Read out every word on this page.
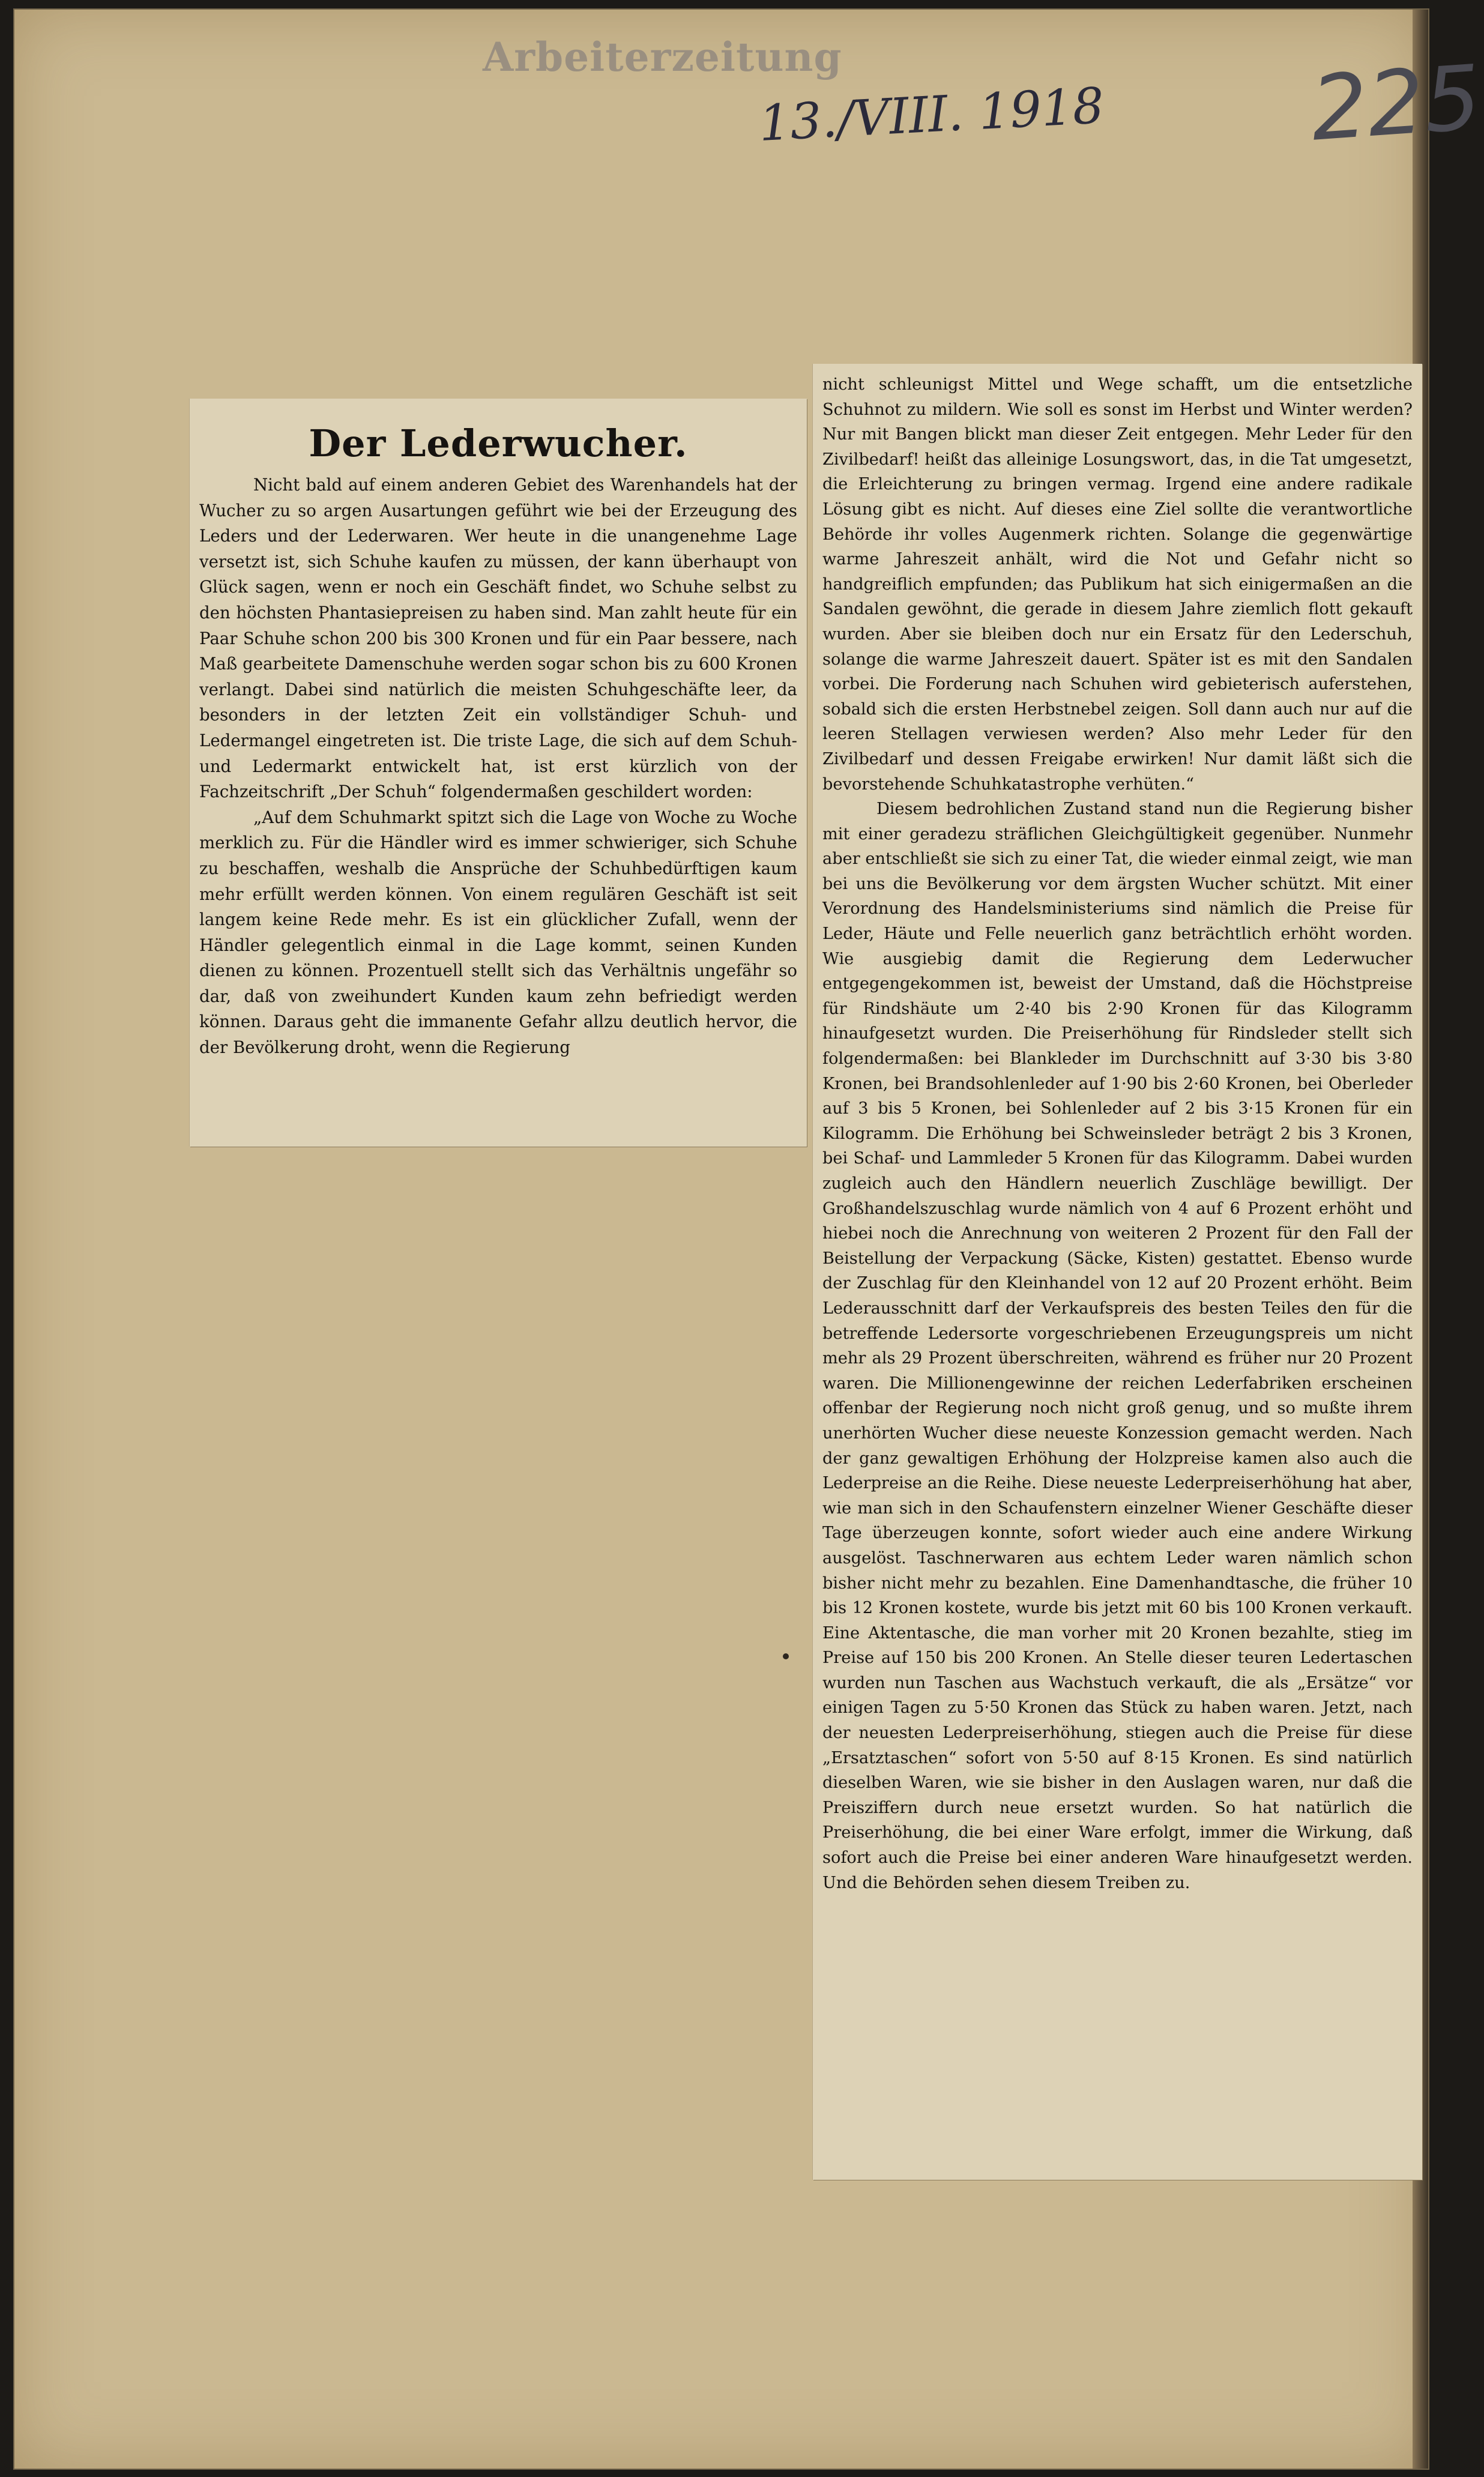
Arbeiterzeitung
13./VIII. 1918 225
Der Lederwucher.

Nicht bald auf einem anderen Gebiet des Warenhandels hat der Wucher zu so argen Ausartungen geführt wie bei der Erzeugung des Leders und der Lederwaren. Wer heute in die unangenehme Lage versetzt ist, sich Schuhe kaufen zu müssen, der kann überhaupt von Glück sagen, wenn er noch ein Geschäft findet, wo Schuhe selbst zu den höchsten Phantasiepreisen zu haben sind. Man zahlt heute für ein Paar Schuhe schon 200 bis 300 Kronen und für ein Paar bessere, nach Maß gearbeitete Damenschuhe werden sogar schon bis zu 600 Kronen verlangt. Dabei sind natürlich die meisten Schuhgeschäfte leer, da besonders in der letzten Zeit ein vollständiger Schuh- und Ledermangel eingetreten ist. Die triste Lage, die sich auf dem Schuh- und Ledermarkt entwickelt hat, ist erst kürzlich von der Fachzeitschrift „Der Schuh“ folgendermaßen geschildert worden:

„Auf dem Schuhmarkt spitzt sich die Lage von Woche zu Woche merklich zu. Für die Händler wird es immer schwieriger, sich Schuhe zu beschaffen, weshalb die Ansprüche der Schuhbedürftigen kaum mehr erfüllt werden können. Von einem regulären Geschäft ist seit langem keine Rede mehr. Es ist ein glücklicher Zufall, wenn der Händler gelegentlich einmal in die Lage kommt, seinen Kunden dienen zu können. Prozentuell stellt sich das Verhältnis ungefähr so dar, daß von zweihundert Kunden kaum zehn befriedigt werden können. Daraus geht die immanente Gefahr allzu deutlich hervor, die der Bevölkerung droht, wenn die Regierung

nicht schleunigst Mittel und Wege schafft, um die entsetzliche Schuhnot zu mildern. Wie soll es sonst im Herbst und Winter werden? Nur mit Bangen blickt man dieser Zeit entgegen. Mehr Leder für den Zivilbedarf! heißt das alleinige Losungswort, das, in die Tat umgesetzt, die Erleichterung zu bringen vermag. Irgend eine andere radikale Lösung gibt es nicht. Auf dieses eine Ziel sollte die verantwortliche Behörde ihr volles Augenmerk richten. Solange die gegenwärtige warme Jahreszeit anhält, wird die Not und Gefahr nicht so handgreiflich empfunden; das Publikum hat sich einigermaßen an die Sandalen gewöhnt, die gerade in diesem Jahre ziemlich flott gekauft wurden. Aber sie bleiben doch nur ein Ersatz für den Lederschuh, solange die warme Jahreszeit dauert. Später ist es mit den Sandalen vorbei. Die Forderung nach Schuhen wird gebieterisch auferstehen, sobald sich die ersten Herbstnebel zeigen. Soll dann auch nur auf die leeren Stellagen verwiesen werden? Also mehr Leder für den Zivilbedarf und dessen Freigabe erwirken! Nur damit läßt sich die bevorstehende Schuhkatastrophe verhüten.“

Diesem bedrohlichen Zustand stand nun die Regierung bisher mit einer geradezu sträflichen Gleichgültigkeit gegenüber. Nunmehr aber entschließt sie sich zu einer Tat, die wieder einmal zeigt, wie man bei uns die Bevölkerung vor dem ärgsten Wucher schützt. Mit einer Verordnung des Handelsministeriums sind nämlich die Preise für Leder, Häute und Felle neuerlich ganz beträchtlich erhöht worden. Wie ausgiebig damit die Regierung dem Lederwucher entgegengekommen ist, beweist der Umstand, daß die Höchstpreise für Rindshäute um 2·40 bis 2·90 Kronen für das Kilogramm hinaufgesetzt wurden. Die Preiserhöhung für Rindsleder stellt sich folgendermaßen: bei Blankleder im Durchschnitt auf 3·30 bis 3·80 Kronen, bei Brandsohlenleder auf 1·90 bis 2·60 Kronen, bei Oberleder auf 3 bis 5 Kronen, bei Sohlenleder auf 2 bis 3·15 Kronen für ein Kilogramm. Die Erhöhung bei Schweinsleder beträgt 2 bis 3 Kronen, bei Schaf- und Lammleder 5 Kronen für das Kilogramm. Dabei wurden zugleich auch den Händlern neuerlich Zuschläge bewilligt. Der Großhandelszuschlag wurde nämlich von 4 auf 6 Prozent erhöht und hiebei noch die Anrechnung von weiteren 2 Prozent für den Fall der Beistellung der Verpackung (Säcke, Kisten) gestattet. Ebenso wurde der Zuschlag für den Kleinhandel von 12 auf 20 Prozent erhöht. Beim Lederausschnitt darf der Verkaufspreis des besten Teiles den für die betreffende Ledersorte vorgeschriebenen Erzeugungspreis um nicht mehr als 29 Prozent überschreiten, während es früher nur 20 Prozent waren. Die Millionengewinne der reichen Lederfabriken erscheinen offenbar der Regierung noch nicht groß genug, und so mußte ihrem unerhörten Wucher diese neueste Konzession gemacht werden. Nach der ganz gewaltigen Erhöhung der Holzpreise kamen also auch die Lederpreise an die Reihe. Diese neueste Lederpreiserhöhung hat aber, wie man sich in den Schaufenstern einzelner Wiener Geschäfte dieser Tage überzeugen konnte, sofort wieder auch eine andere Wirkung ausgelöst. Taschnerwaren aus echtem Leder waren nämlich schon bisher nicht mehr zu bezahlen. Eine Damenhandtasche, die früher 10 bis 12 Kronen kostete, wurde bis jetzt mit 60 bis 100 Kronen verkauft. Eine Aktentasche, die man vorher mit 20 Kronen bezahlte, stieg im Preise auf 150 bis 200 Kronen. An Stelle dieser teuren Ledertaschen wurden nun Taschen aus Wachstuch verkauft, die als „Ersätze“ vor einigen Tagen zu 5·50 Kronen das Stück zu haben waren. Jetzt, nach der neuesten Lederpreiserhöhung, stiegen auch die Preise für diese „Ersatztaschen“ sofort von 5·50 auf 8·15 Kronen. Es sind natürlich dieselben Waren, wie sie bisher in den Auslagen waren, nur daß die Preisziffern durch neue ersetzt wurden. So hat natürlich die Preiserhöhung, die bei einer Ware erfolgt, immer die Wirkung, daß sofort auch die Preise bei einer anderen Ware hinaufgesetzt werden. Und die Behörden sehen diesem Treiben zu.
